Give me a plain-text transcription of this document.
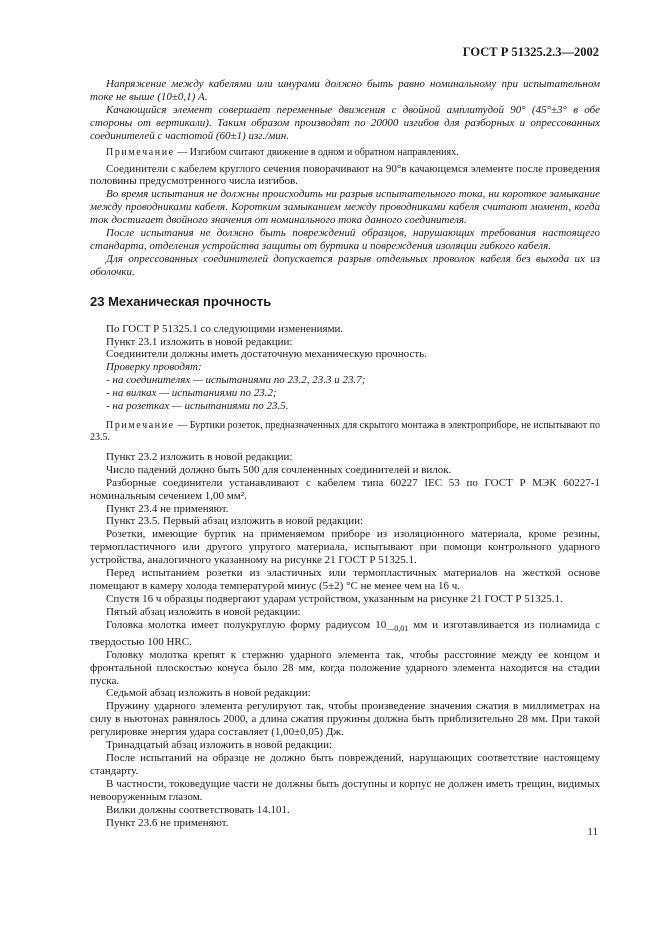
ГОСТ Р 51325.2.3—2002

Напряжение между кабелями или шнурами должно быть равно номинальному при испытательном токе не выше (10±0,1) А.

Качающийся элемент совершает переменные движения с двойной амплитудой 90° (45°±3° в обе стороны от вертикали). Таким образом производят по 20000 изгибов для разборных и опрессованных соединителей с частотой (60±1) изг./мин.

Примечание — Изгибом считают движение в одном и обратном направлениях.

Соединители с кабелем круглого сечения поворачивают на 90°в качающемся элементе после проведения половины предусмотренного числа изгибов.

Во время испытания не должны происходить ни разрыв испытательного тока, ни короткое замыкание между проводниками кабеля. Коротким замыканием между проводниками кабеля считают момент, когда ток достигает двойного значения от номинального тока данного соединителя.

После испытания не должно быть повреждений образцов, нарушающих требования настоящего стандарта, отделения устройства защиты от буртика и повреждения изоляции гибкого кабеля.

Для опрессованных соединителей допускается разрыв отдельных проволок кабеля без выхода их из оболочки.

23 Механическая прочность

По ГОСТ Р 51325.1 со следующими изменениями.

Пункт 23.1 изложить в новой редакции:

Соединители должны иметь достаточную механическую прочность.

Проверку проводят:

- на соединителях — испытаниями по 23.2, 23.3 и 23.7;

- на вилках — испытаниями по 23.2;

- на розетках — испытаниями по 23.5.

Примечание — Буртики розеток, предназначенных для скрытого монтажа в электроприборе, не испытывают по 23.5.

Пункт 23.2 изложить в новой редакции:

Число падений должно быть 500 для сочлененных соединителей и вилок.

Разборные соединители устанавливают с кабелем типа 60227 IEC 53 по ГОСТ Р МЭК 60227-1 номинальным сечением 1,00 мм².

Пункт 23.4 не применяют.

Пункт 23.5. Первый абзац изложить в новой редакции:

Розетки, имеющие буртик на применяемом приборе из изоляционного материала, кроме резины, термопластичного или другого упругого материала, испытывают при помощи контрольного ударного устройства, аналогичного указанному на рисунке 21 ГОСТ Р 51325.1.

Перед испытанием розетки из эластичных или термопластичных материалов на жесткой основе помещают в камеру холода температурой минус (5±2) °С не менее чем на 16 ч.

Спустя 16 ч образцы подвергают ударам устройством, указанным на рисунке 21 ГОСТ Р 51325.1.

Пятый абзац изложить в новой редакции:

Головка молотка имеет полукруглую форму радиусом $10_{—0,01}$ мм и изготавливается из полиамида с твердостью 100 HRC.

Головку молотка крепят к стержню ударного элемента так, чтобы расстояние между ее концом и фронтальной плоскостью конуса было 28 мм, когда положение ударного элемента находится на стадии пуска.

Седьмой абзац изложить в новой редакции:

Пружину ударного элемента регулируют так, чтобы произведение значения сжатия в миллиметрах на силу в ньютонах равнялось 2000, а длина сжатия пружины должна быть приблизительно 28 мм. При такой регулировке энергия удара составляет (1,00±0,05) Дж.

Тринадцатый абзац изложить в новой редакции:

После испытаний на образце не должно быть повреждений, нарушающих соответствие настоящему стандарту.

В частности, токоведущие части не должны быть доступны и корпус не должен иметь трещин, видимых невооруженным глазом.

Вилки должны соответствовать 14.101.

Пункт 23.6 не применяют.

11
